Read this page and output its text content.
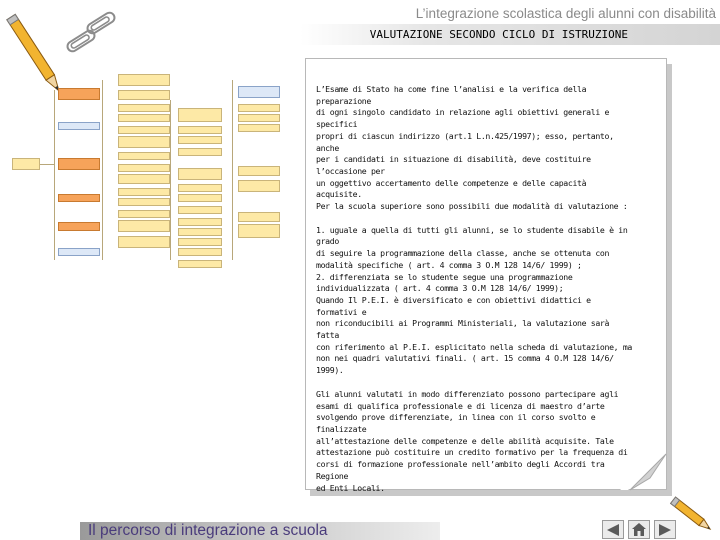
L’integrazione scolastica degli alunni con disabilità
VALUTAZIONE SECONDO CICLO DI ISTRUZIONE

L’Esame di Stato ha come fine l’analisi e la verifica della preparazione
di ogni singolo candidato in relazione agli obiettivi generali e specifici
propri di ciascun indirizzo (art.1 L.n.425/1997); esso, pertanto, anche
per i candidati in situazione di disabilità, deve costituire l’occasione per
un oggettivo accertamento delle competenze e delle capacità
acquisite.
Per la scuola superiore sono possibili due modalità di valutazione :

1. uguale a quella di tutti gli alunni, se lo studente disabile è in grado
di seguire la programmazione della classe, anche se ottenuta con
modalità specifiche ( art. 4 comma 3 O.M 128 14/6/ 1999) ;
2. differenziata se lo studente segue una programmazione
individualizzata ( art. 4 comma 3 O.M 128 14/6/ 1999);
Quando Il P.E.I. è diversificato e con obiettivi didattici e formativi e
non riconducibili ai Programmi Ministeriali, la valutazione sarà fatta
con riferimento al P.E.I. esplicitato nella scheda di valutazione, ma
non nei quadri valutativi finali. ( art. 15 comma 4 O.M 128 14/6/
1999).

Gli alunni valutati in modo differenziato possono partecipare agli
esami di qualifica professionale e di licenza di maestro d’arte
svolgendo prove differenziate, in linea con il corso svolto e finalizzate
all’attestazione delle competenze e delle abilità acquisite. Tale
attestazione può costituire un credito formativo per la frequenza di
corsi di formazione professionale nell’ambito degli Accordi tra Regione
ed Enti Locali.

Il percorso di integrazione a scuola
